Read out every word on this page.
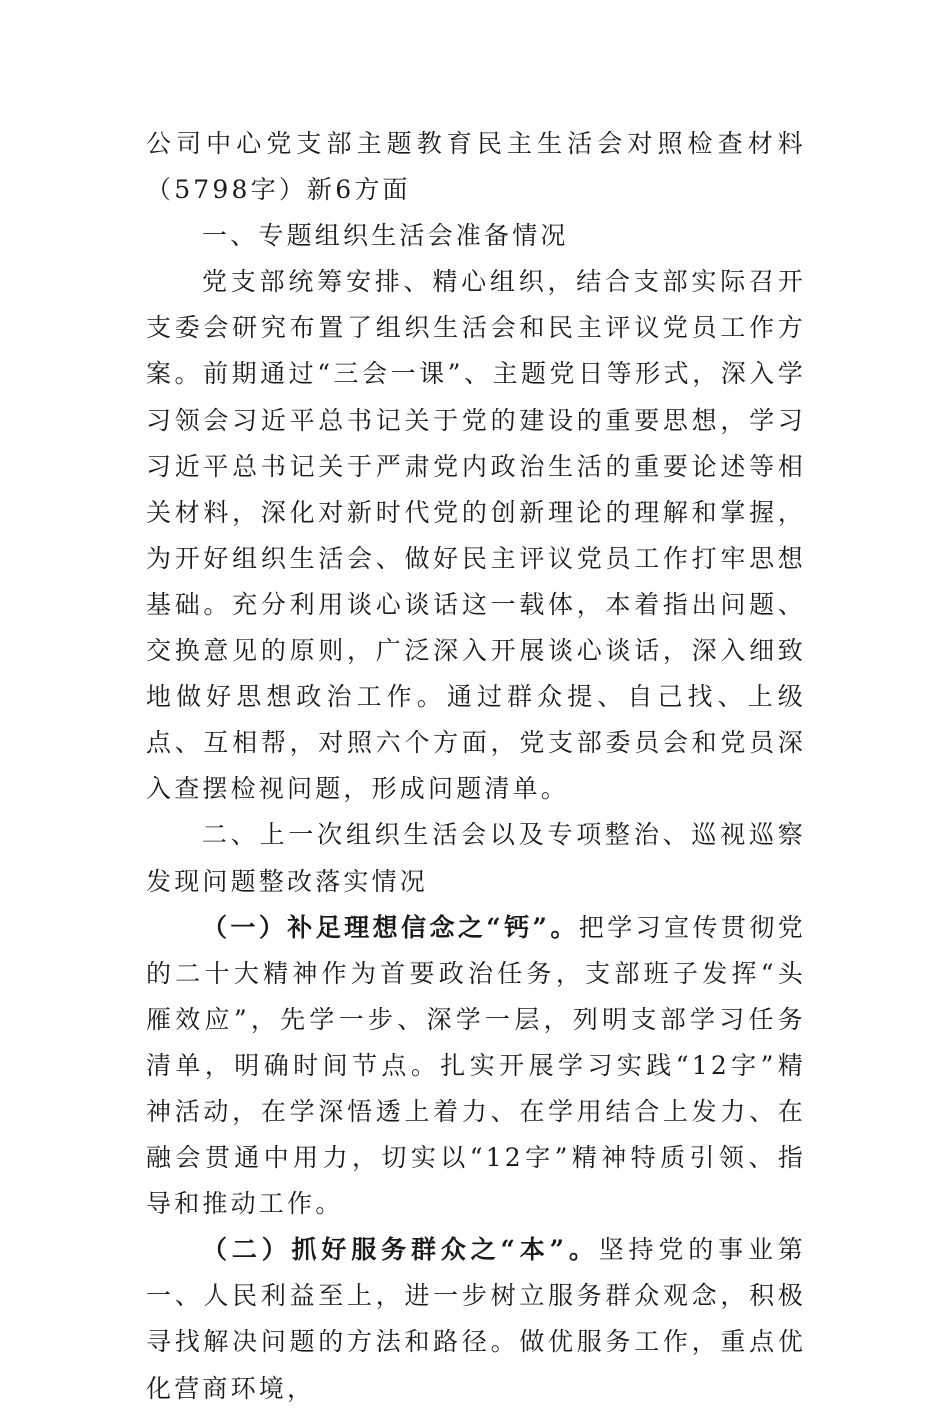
公司中心党支部主题教育民主生活会对照检查材料（5798字）新6方面

一、专题组织生活会准备情况

党支部统筹安排、精心组织，结合支部实际召开支委会研究布置了组织生活会和民主评议党员工作方案。前期通过“三会一课”、主题党日等形式，深入学习领会习近平总书记关于党的建设的重要思想，学习习近平总书记关于严肃党内政治生活的重要论述等相关材料，深化对新时代党的创新理论的理解和掌握，为开好组织生活会、做好民主评议党员工作打牢思想基础。充分利用谈心谈话这一载体，本着指出问题、交换意见的原则，广泛深入开展谈心谈话，深入细致地做好思想政治工作。通过群众提、自己找、上级点、互相帮，对照六个方面，党支部委员会和党员深入查摆检视问题，形成问题清单。

二、上一次组织生活会以及专项整治、巡视巡察发现问题整改落实情况

（一）补足理想信念之“钙”。把学习宣传贯彻党的二十大精神作为首要政治任务，支部班子发挥“头雁效应”，先学一步、深学一层，列明支部学习任务清单，明确时间节点。扎实开展学习实践“12字”精神活动，在学深悟透上着力、在学用结合上发力、在融会贯通中用力，切实以“12字”精神特质引领、指导和推动工作。

（二）抓好服务群众之“本”。坚持党的事业第一、人民利益至上，进一步树立服务群众观念，积极寻找解决问题的方法和路径。做优服务工作，重点优化营商环境，
